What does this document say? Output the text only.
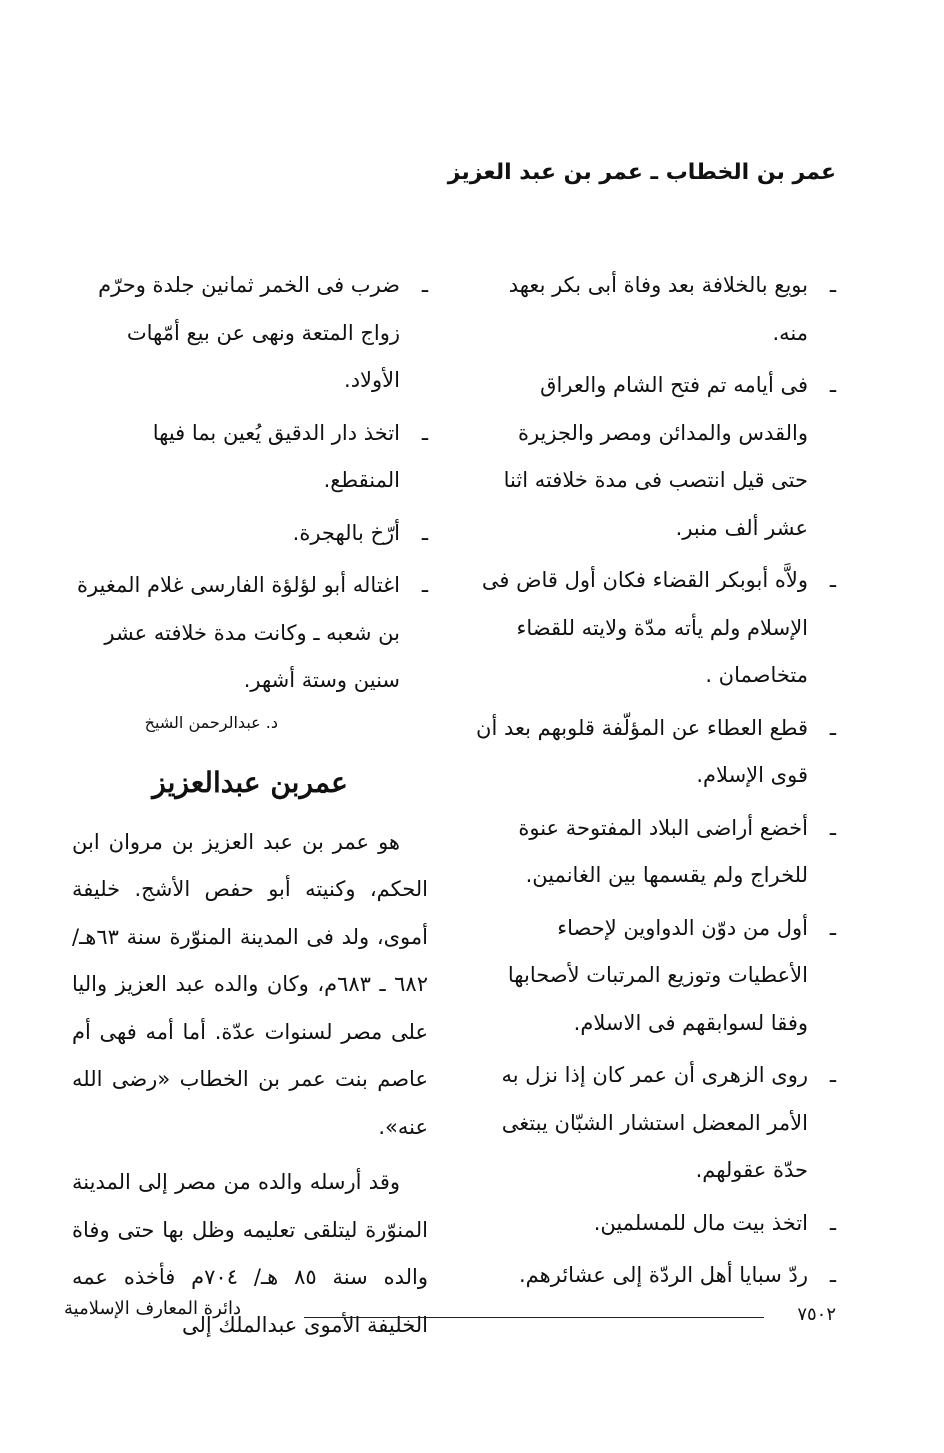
عمر بن الخطاب ـ عمر بن عبد العزيز
ـ

بويع بالخلافة بعد وفاة أبى بكر بعهد منه.

ـ

فى أيامه تم فتح الشام والعراق والقدس والمدائن ومصر والجزيرة حتى قيل انتصب فى مدة خلافته اثنا عشر ألف منبر.

ـ

ولاَّه أبوبكر القضاء فكان أول قاض فى الإسلام ولم يأته مدّة ولايته للقضاء متخاصمان .

ـ

قطع العطاء عن المؤلّفة قلوبهم بعد أن قوى الإسلام.

ـ

أخضع أراضى البلاد المفتوحة عنوة للخراج ولم يقسمها بين الغانمين.

ـ

أول من دوّن الدواوين لإحصاء الأعطيات وتوزيع المرتبات لأصحابها وفقا لسوابقهم فى الاسلام.

ـ

روى الزهرى أن عمر كان إذا نزل به الأمر المعضل استشار الشبّان يبتغى حدّة عقولهم.

ـ

اتخذ بيت مال للمسلمين.

ـ

ردّ سبايا أهل الردّة إلى عشائرهم.

ـ

ضرب فى الخمر ثمانين جلدة وحرّم زواج المتعة ونهى عن بيع أمّهات الأولاد.

ـ

اتخذ دار الدقيق يُعين بما فيها المنقطع.

ـ

أرّخ بالهجرة.

ـ

اغتاله أبو لؤلؤة الفارسى غلام المغيرة بن شعبه ـ وكانت مدة خلافته عشر سنين وستة أشهر.

د. عبدالرحمن الشيخ
عمربن عبدالعزيز

هو عمر بن عبد العزيز بن مروان ابن الحكم، وكنيته أبو حفص الأشج. خليفة أموى، ولد فى المدينة المنوّرة سنة ٦٣هـ/ ٦٨٢ ـ ٦٨٣م، وكان والده عبد العزيز واليا على مصر لسنوات عدّة. أما أمه فهى أم عاصم بنت عمر بن الخطاب «رضى الله عنه».

وقد أرسله والده من مصر إلى المدينة المنوّرة ليتلقى تعليمه وظل بها حتى وفاة والده سنة ٨٥ هـ/ ٧٠٤م فأخذه عمه الخليفة الأموى عبدالملك إلى	٧٥٠٢
دائرة المعارف الإسلامية
